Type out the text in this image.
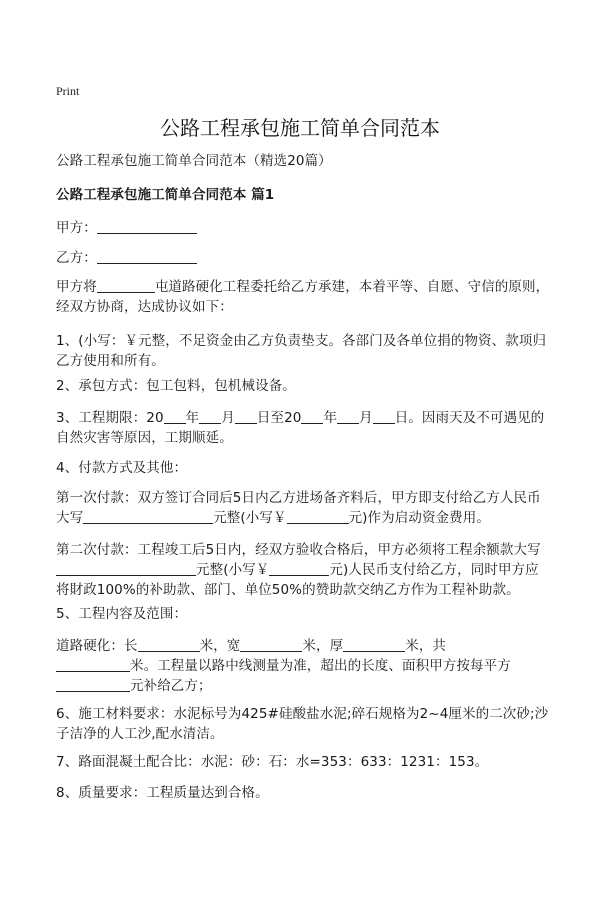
Print
公路工程承包施工简单合同范本

公路工程承包施工简单合同范本（精选20篇）

公路工程承包施工简单合同范本 篇1

甲方：

乙方：

甲方将	屯道路硬化工程委托给乙方承建，本着平等、自愿、守信的原则，经双方协商，达成协议如下：

1、(小写：￥元整，不足资金由乙方负责垫支。各部门及各单位捐的物资、款项归乙方使用和所有。

2、承包方式：包工包料，包机械设备。

3、工程期限：20 年 月 日至20 年 月 日。因雨天及不可遇见的自然灾害等原因，工期顺延。

4、付款方式及其他：

第一次付款：双方签订合同后5日内乙方进场备齐料后，甲方即支付给乙方人民币
大写	元整(小写￥	元)作为启动资金费用。

第二次付款：工程竣工后5日内，经双方验收合格后，甲方必须将工程余额款大写
元整(小写￥	元)人民币支付给乙方，同时甲方应将財政100%的补助款、部门、单位50%的赞助款交纳乙方作为工程补助款。

5、工程内容及范围：

道路硬化：长	米，宽	米，厚	米，共
米。工程量以路中线测量为准，超出的长度、面积甲方按每平方
元补给乙方；

6、施工材料要求：水泥标号为425#硅酸盐水泥;碎石规格为2~4厘米的二次砂;沙子洁净的人工沙,配水清洁。

7、路面混凝土配合比：水泥：砂：石：水=353：633：1231：153。

8、质量要求：工程质量达到合格。
